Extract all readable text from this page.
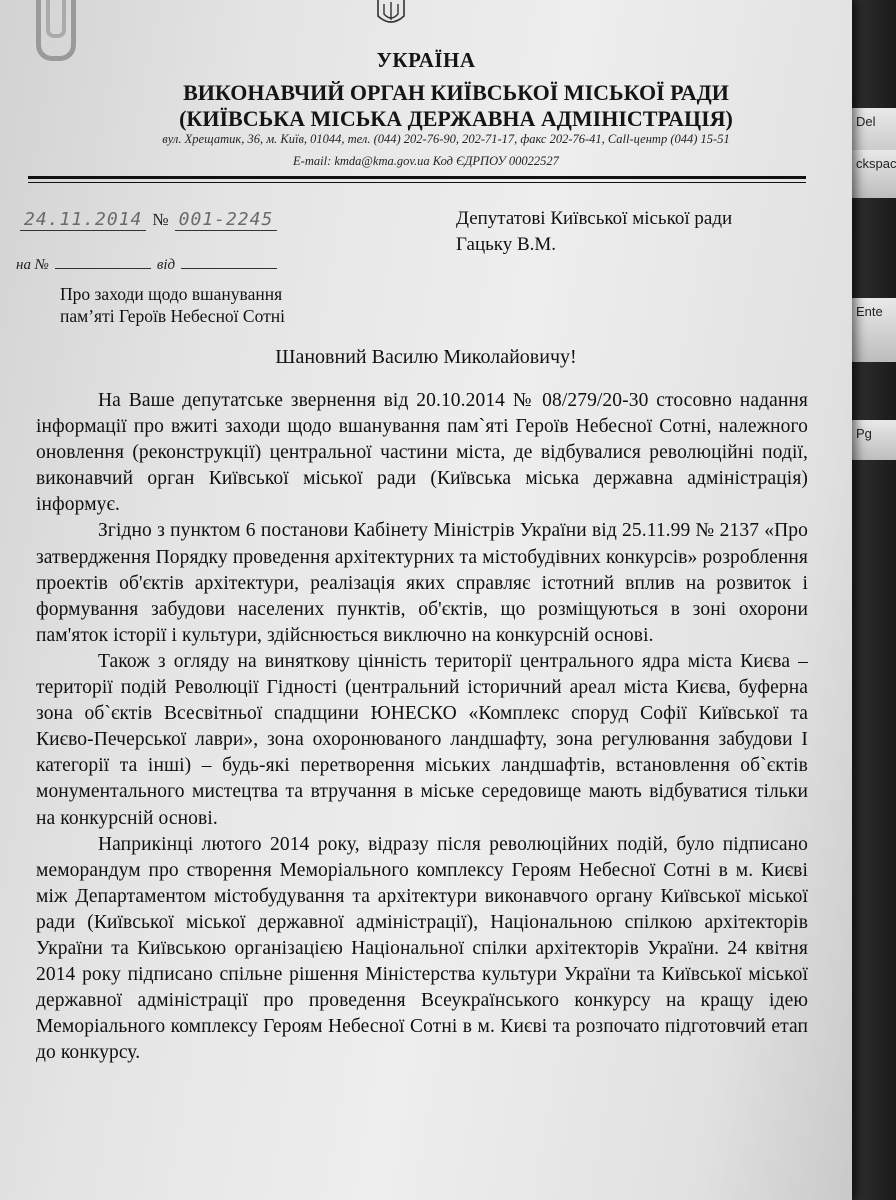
Del
ckspac
Ente
Pg
УКРАЇНА
ВИКОНАВЧИЙ ОРГАН КИЇВСЬКОЇ МІСЬКОЇ РАДИ
(КИЇВСЬКА МІСЬКА ДЕРЖАВНА АДМІНІСТРАЦІЯ)
вул. Хрещатик, 36, м. Київ, 01044, тел. (044) 202-76-90, 202-71-17, факс 202-76-41, Call-центр (044) 15-51
E-mail: kmda@kma.gov.ua Код ЄДРПОУ 00022527
24.11.2014 № 001-2245
на №	від
Депутатові Київської міської ради
Гацьку В.М.
Про заходи щодо вшанування
пам’яті Героїв Небесної Сотні
Шановний Василю Миколайовичу!

На Ваше депутатське звернення від 20.10.2014 № 08/279/20-30 стосовно надання інформації про вжиті заходи щодо вшанування пам`яті Героїв Небесної Сотні, належного оновлення (реконструкції) центральної частини міста, де відбувалися революційні події, виконавчий орган Київської міської ради (Київська міська державна адміністрація) інформує.

Згідно з пунктом 6 постанови Кабінету Міністрів України від 25.11.99 № 2137 «Про затвердження Порядку проведення архітектурних та містобудівних конкурсів» розроблення проектів об'єктів архітектури, реалізація яких справляє істотний вплив на розвиток і формування забудови населених пунктів, об'єктів, що розміщуються в зоні охорони пам'яток історії і культури, здійснюється виключно на конкурсній основі.

Також з огляду на виняткову цінність території центрального ядра міста Києва – території подій Революції Гідності (центральний історичний ареал міста Києва, буферна зона об`єктів Всесвітньої спадщини ЮНЕСКО «Комплекс споруд Софії Київської та Києво-Печерської лаври», зона охоронюваного ландшафту, зона регулювання забудови І категорії та інші) – будь-які перетворення міських ландшафтів, встановлення об`єктів монументального мистецтва та втручання в міське середовище мають відбуватися тільки на конкурсній основі.

Наприкінці лютого 2014 року, відразу після революційних подій, було підписано меморандум про створення Меморіального комплексу Героям Небесної Сотні в м. Києві між Департаментом містобудування та архітектури виконавчого органу Київської міської ради (Київської міської державної адміністрації), Національною спілкою архітекторів України та Київською організацією Національної спілки архітекторів України. 24 квітня 2014 року підписано спільне рішення Міністерства культури України та Київської міської державної адміністрації про проведення Всеукраїнського конкурсу на кращу ідею Меморіального комплексу Героям Небесної Сотні в м. Києві та розпочато підготовчий етап до конкурсу.
